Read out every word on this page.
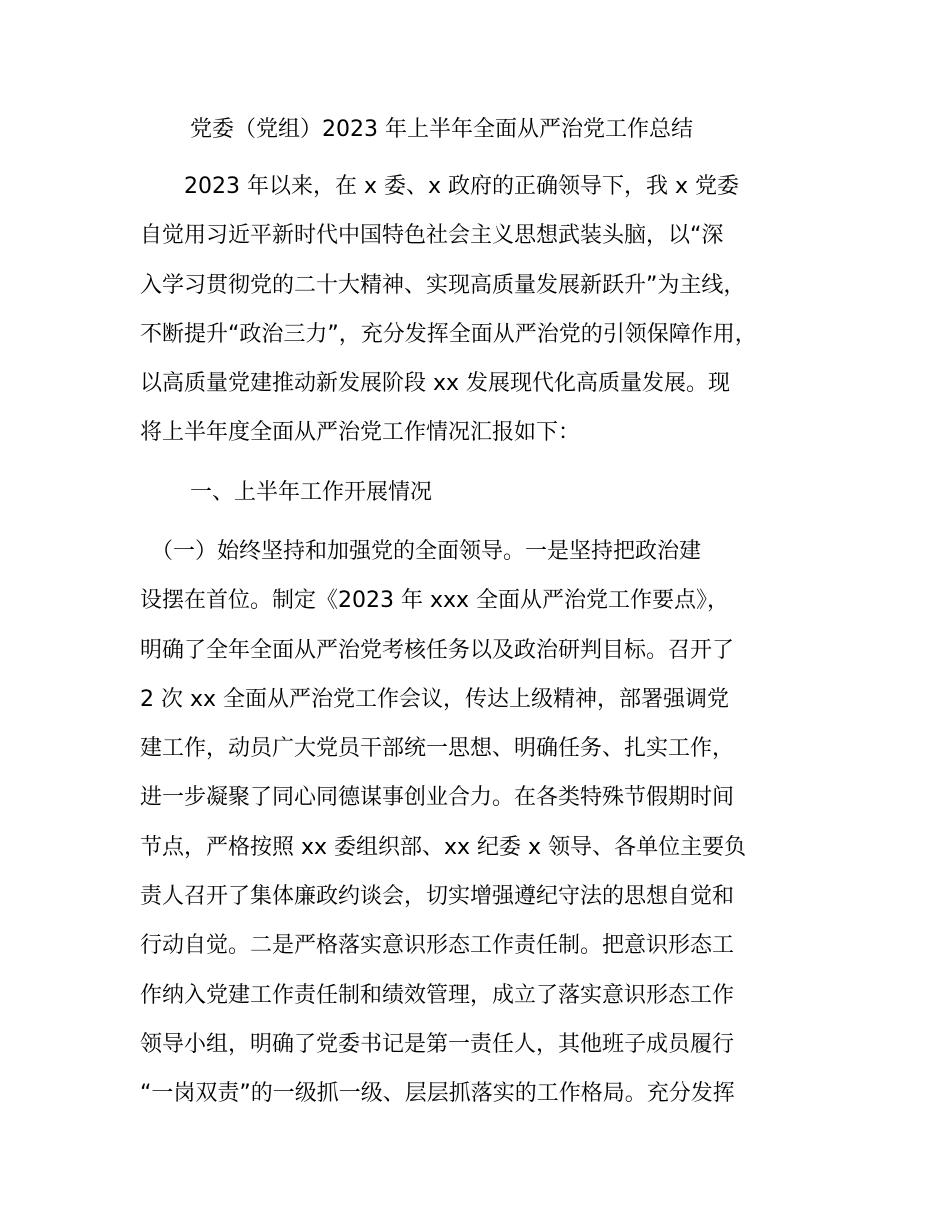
党委（党组）2023 年上半年全面从严治党工作总结
　　2023 年以来，在 x 委、x 政府的正确领导下，我 x 党委
自觉用习近平新时代中国特色社会主义思想武装头脑，以“深
入学习贯彻党的二十大精神、实现高质量发展新跃升”为主线，
不断提升“政治三力”，充分发挥全面从严治党的引领保障作用，
以高质量党建推动新发展阶段 xx 发展现代化高质量发展。现
将上半年度全面从严治党工作情况汇报如下：
一、上半年工作开展情况
　（一）始终坚持和加强党的全面领导。一是坚持把政治建
设摆在首位。制定《2023 年 xxx 全面从严治党工作要点》，
明确了全年全面从严治党考核任务以及政治研判目标。召开了
2 次 xx 全面从严治党工作会议，传达上级精神，部署强调党
建工作，动员广大党员干部统一思想、明确任务、扎实工作，
进一步凝聚了同心同德谋事创业合力。在各类特殊节假期时间
节点，严格按照 xx 委组织部、xx 纪委 x 领导、各单位主要负
责人召开了集体廉政约谈会，切实增强遵纪守法的思想自觉和
行动自觉。二是严格落实意识形态工作责任制。把意识形态工
作纳入党建工作责任制和绩效管理，成立了落实意识形态工作
领导小组，明确了党委书记是第一责任人，其他班子成员履行
“一岗双责”的一级抓一级、层层抓落实的工作格局。充分发挥
